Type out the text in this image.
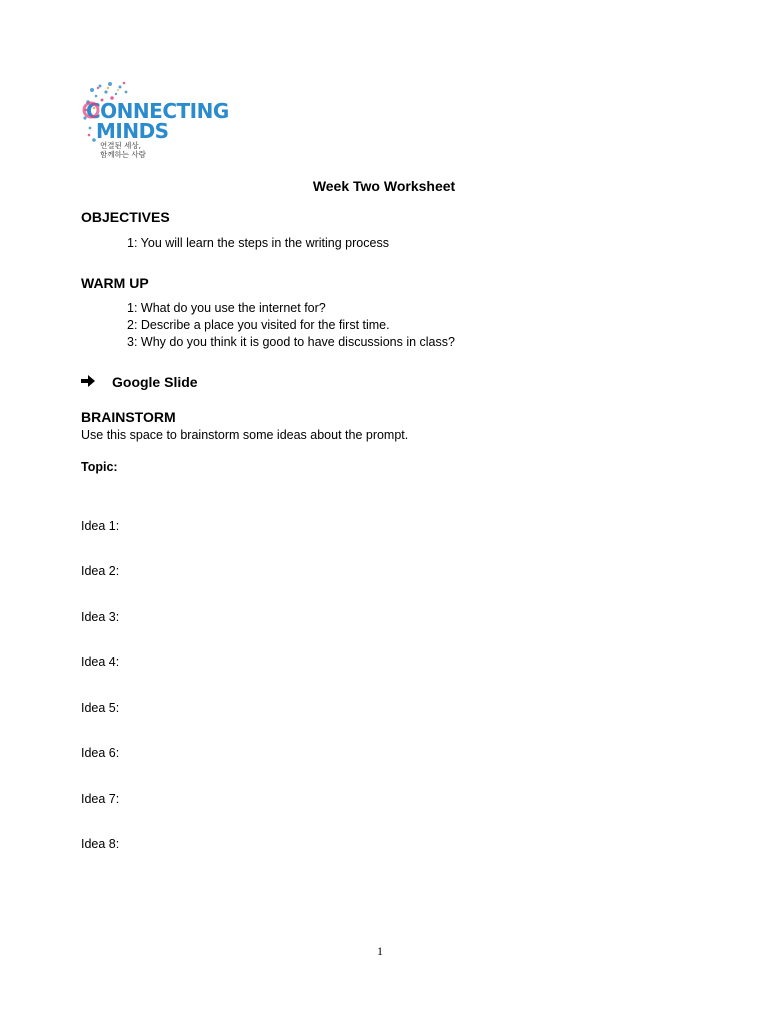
CONNECTING
MINDS
연결된 세상,
함께하는 사람
Week Two Worksheet
OBJECTIVES
1: You will learn the steps in the writing process
WARM UP
1: What do you use the internet for?
2: Describe a place you visited for the first time.
3: Why do you think it is good to have discussions in class?
Google Slide
BRAINSTORM
Use this space to brainstorm some ideas about the prompt.
Topic:
Idea 1:
Idea 2:
Idea 3:
Idea 4:
Idea 5:
Idea 6:
Idea 7:
Idea 8:
1
